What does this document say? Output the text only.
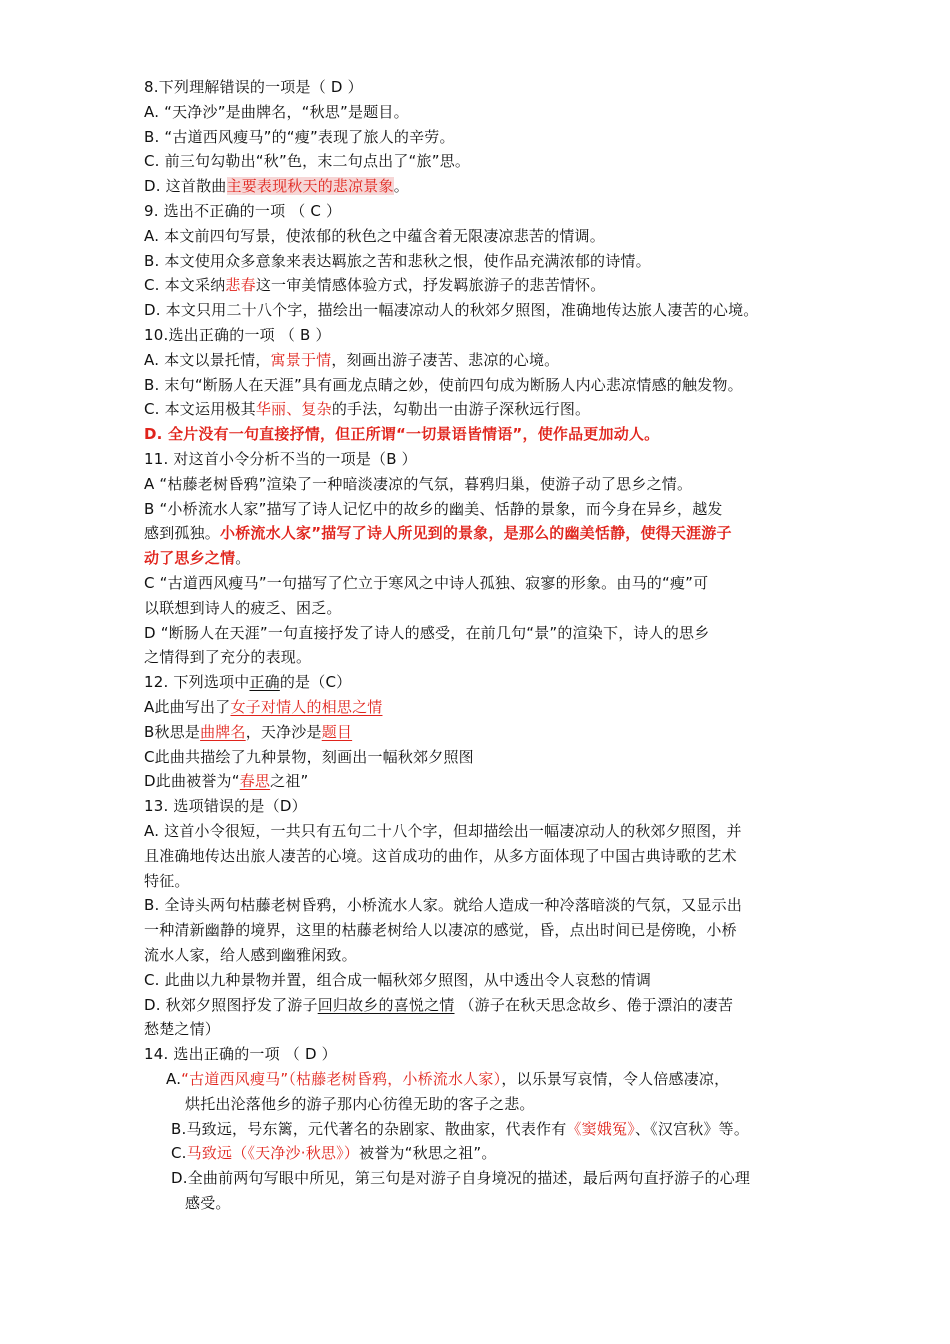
8.下列理解错误的一项是（ D ）
A. “天净沙”是曲牌名，“秋思”是题目。
B. “古道西风瘦马”的“瘦”表现了旅人的辛劳。
C. 前三句勾勒出“秋”色，末二句点出了“旅”思。
D. 这首散曲主要表现秋天的悲凉景象。
9. 选出不正确的一项 （ C ）
A. 本文前四句写景，使浓郁的秋色之中蕴含着无限凄凉悲苦的情调。
B. 本文使用众多意象来表达羁旅之苦和悲秋之恨，使作品充满浓郁的诗情。
C. 本文采纳悲春这一审美情感体验方式，抒发羁旅游子的悲苦情怀。
D. 本文只用二十八个字，描绘出一幅凄凉动人的秋郊夕照图，准确地传达旅人凄苦的心境。
10.选出正确的一项 （ B ）
A. 本文以景托情，寓景于情，刻画出游子凄苦、悲凉的心境。
B. 末句“断肠人在天涯”具有画龙点睛之妙，使前四句成为断肠人内心悲凉情感的触发物。
C. 本文运用极其华丽、复杂的手法，勾勒出一由游子深秋远行图。
D. 全片没有一句直接抒情，但正所谓“一切景语皆情语”，使作品更加动人。
11. 对这首小令分析不当的一项是（B ）
A “枯藤老树昏鸦”渲染了一种暗淡凄凉的气氛，暮鸦归巢，使游子动了思乡之情。
B “小桥流水人家”描写了诗人记忆中的故乡的幽美、恬静的景象，而今身在异乡，越发
感到孤独。小桥流水人家”描写了诗人所见到的景象，是那么的幽美恬静，使得天涯游子
动了思乡之情。
C “古道西风瘦马”一句描写了伫立于寒风之中诗人孤独、寂寥的形象。由马的“瘦”可
以联想到诗人的疲乏、困乏。
D “断肠人在天涯”一句直接抒发了诗人的感受，在前几句“景”的渲染下，诗人的思乡
之情得到了充分的表现。
12. 下列选项中正确的是（C）
A此曲写出了女子对情人的相思之情
B秋思是曲牌名，天净沙是题目
C此曲共描绘了九种景物，刻画出一幅秋郊夕照图
D此曲被誉为“春思之祖”
13. 选项错误的是（D）
A. 这首小令很短，一共只有五句二十八个字，但却描绘出一幅凄凉动人的秋郊夕照图，并
且准确地传达出旅人凄苦的心境。这首成功的曲作，从多方面体现了中国古典诗歌的艺术
特征。
B. 全诗头两句枯藤老树昏鸦，小桥流水人家。就给人造成一种冷落暗淡的气氛，又显示出
一种清新幽静的境界，这里的枯藤老树给人以凄凉的感觉，昏，点出时间已是傍晚，小桥
流水人家，给人感到幽雅闲致。
C. 此曲以九种景物并置，组合成一幅秋郊夕照图，从中透出令人哀愁的情调
D. 秋郊夕照图抒发了游子回归故乡的喜悦之情 （游子在秋天思念故乡、倦于漂泊的凄苦
愁楚之情）
14. 选出正确的一项 （ D ）
A.“古道西风瘦马”（枯藤老树昏鸦，小桥流水人家），以乐景写哀情，令人倍感凄凉，
烘托出沦落他乡的游子那内心彷徨无助的客子之悲。
B.马致远，号东篱，元代著名的杂剧家、散曲家，代表作有《窦娥冤》、《汉宫秋》等。
C.马致远（《天净沙·秋思》）被誉为“秋思之祖”。
D.全曲前两句写眼中所见，第三句是对游子自身境况的描述，最后两句直抒游子的心理
感受。
